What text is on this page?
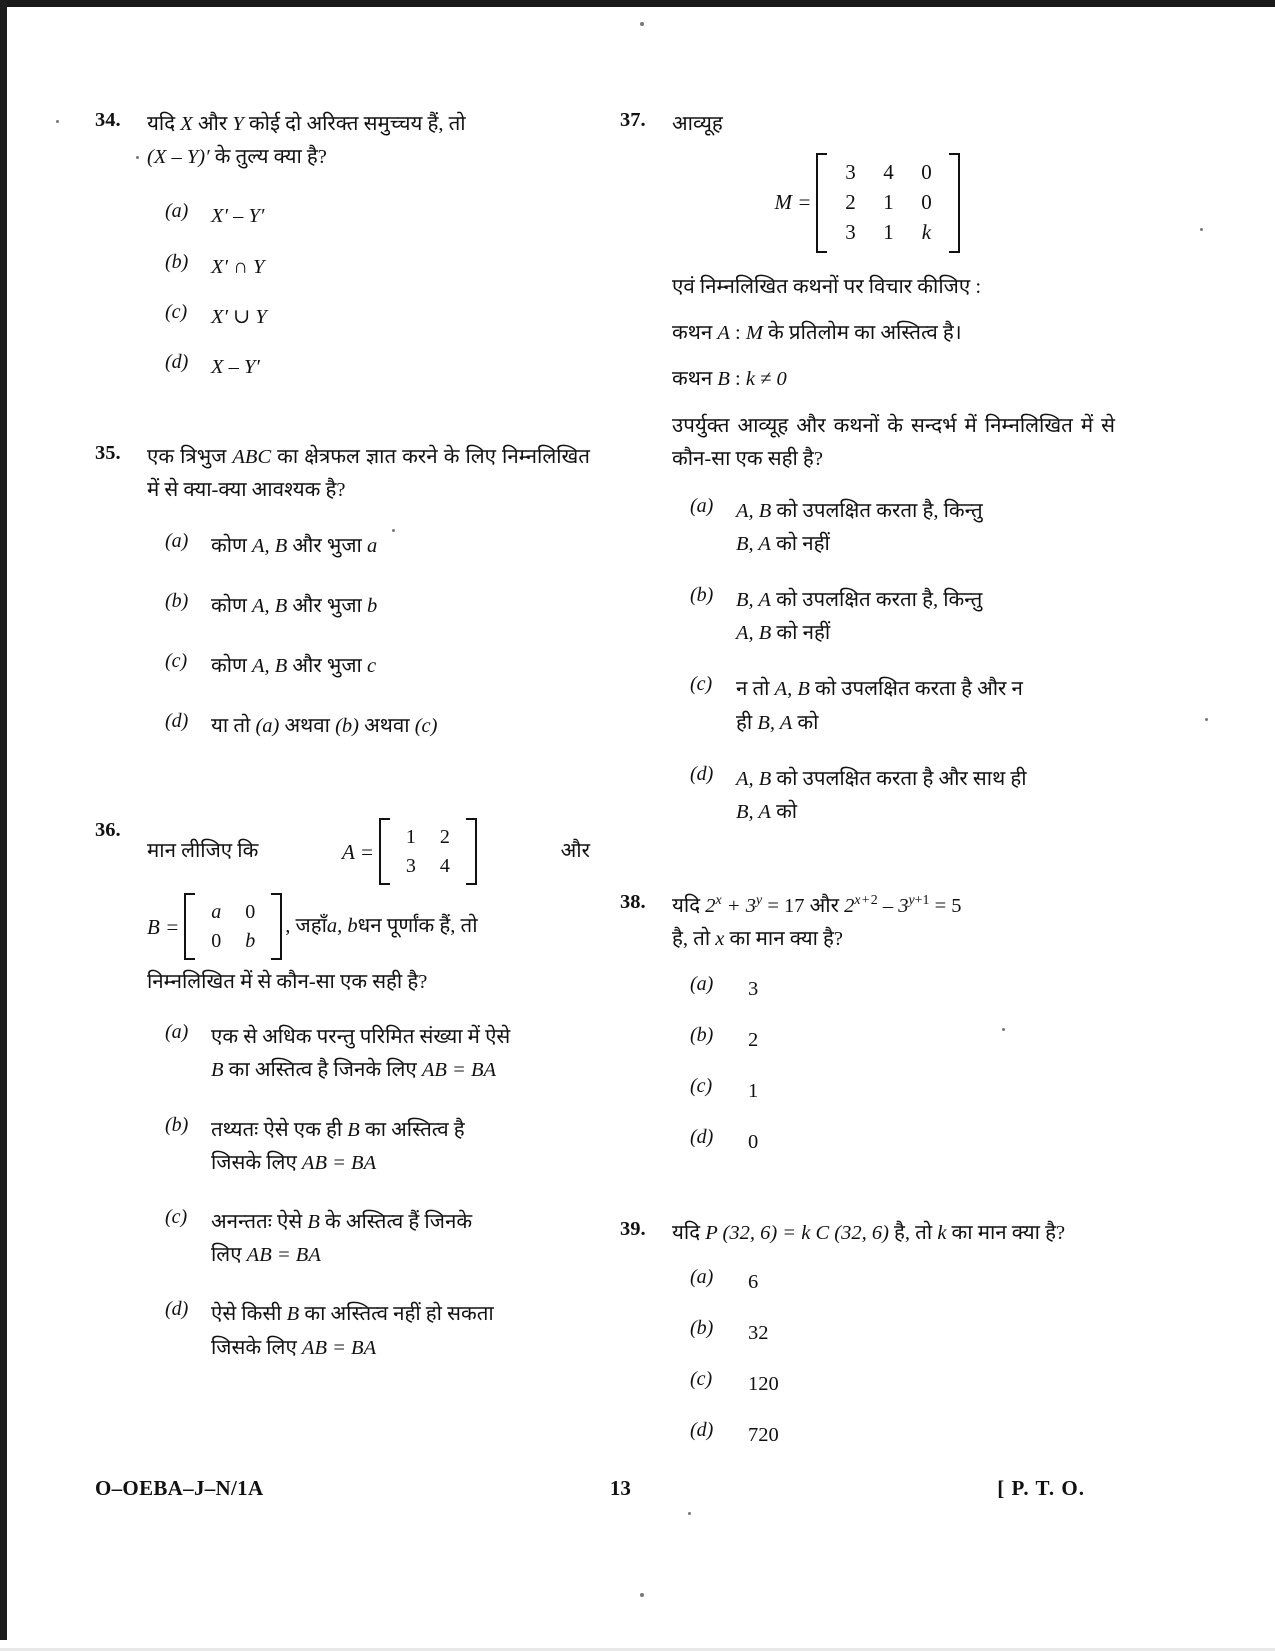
34.	यदि X और Y कोई दो अरिक्त समुच्चय हैं, तो
(X – Y)′ के तुल्य क्या है?
(a)	X′ – Y′
(b)	X′ ∩ Y
(c)	X′ ∪ Y
(d)	X – Y′
35.	एक त्रिभुज ABC का क्षेत्रफल ज्ञात करने के लिए निम्नलिखित में से क्या-क्या आवश्यक है?
(a)	कोण A, B और भुजा a
(b)	कोण A, B और भुजा b
(c)	कोण A, B और भुजा c
(d)	या तो (a) अथवा (b) अथवा (c)
36.
मान लीजिए कि	A =
1	2
3	4
और
B =
a	0
0	b
, जहाँ a, b धन पूर्णांक हैं, तो
निम्नलिखित में से कौन-सा एक सही है?
(a)	एक से अधिक परन्तु परिमित संख्या में ऐसे
B का अस्तित्व है जिनके लिए AB = BA
(b)	तथ्यतः ऐसे एक ही B का अस्तित्व है
जिसके लिए AB = BA
(c)	अनन्ततः ऐसे B के अस्तित्व हैं जिनके
लिए AB = BA
(d)	ऐसे किसी B का अस्तित्व नहीं हो सकता
जिसके लिए AB = BA
37.	आव्यूह
M =
3	4	0
2	1	0
3	1	k
एवं निम्नलिखित कथनों पर विचार कीजिए :
कथन A : M के प्रतिलोम का अस्तित्व है।
कथन B : k ≠ 0
उपर्युक्त आव्यूह और कथनों के सन्दर्भ में निम्नलिखित में से कौन-सा एक सही है?
(a)	A, B को उपलक्षित करता है, किन्तु
B, A को नहीं
(b)	B, A को उपलक्षित करता है, किन्तु
A, B को नहीं
(c)	न तो A, B को उपलक्षित करता है और न
ही B, A को
(d)	A, B को उपलक्षित करता है और साथ ही
B, A को
38.	यदि $2^x + 3^y = 17$ और $2^{x + 2} - 3^{y+1} = 5$
है, तो x का मान क्या है?
(a)	3
(b)	2
(c)	1
(d)	0
39.	यदि P (32, 6) = k C (32, 6) है, तो k का मान क्या है?
(a)	6
(b)	32
(c)	120
(d)	720
O–OEBA–J–N/1A	13	[ P. T. O.
